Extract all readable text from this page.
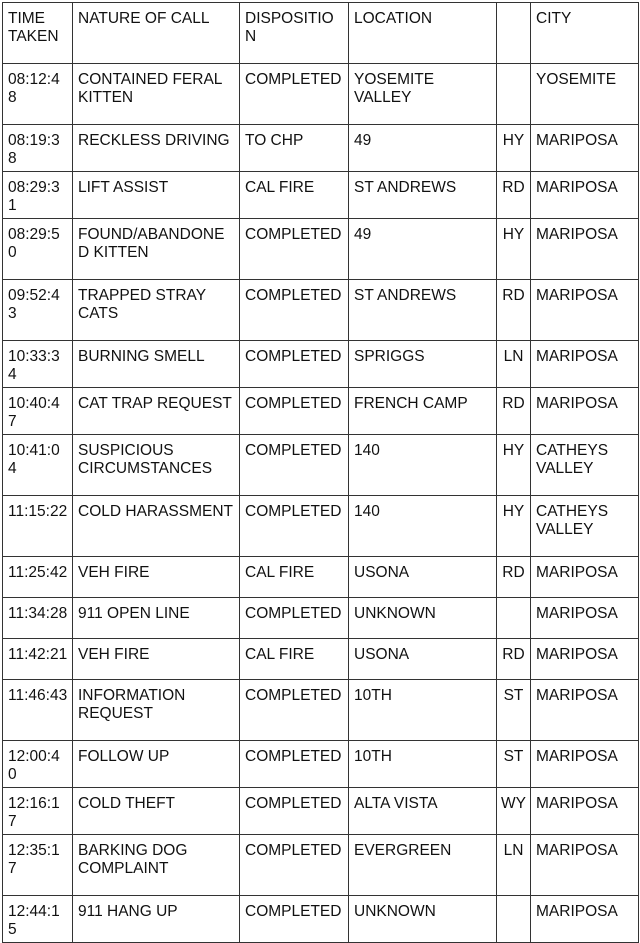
TIME TAKEN	NATURE OF CALL	DISPOSITION	LOCATION		CITY
08:12:48	CONTAINED FERAL KITTEN	COMPLETED	YOSEMITE VALLEY		YOSEMITE
08:19:38	RECKLESS DRIVING	TO CHP	49	HY	MARIPOSA
08:29:31	LIFT ASSIST	CAL FIRE	ST ANDREWS	RD	MARIPOSA
08:29:50	FOUND/ABANDONED KITTEN	COMPLETED	49	HY	MARIPOSA
09:52:43	TRAPPED STRAY CATS	COMPLETED	ST ANDREWS	RD	MARIPOSA
10:33:34	BURNING SMELL	COMPLETED	SPRIGGS	LN	MARIPOSA
10:40:47	CAT TRAP REQUEST	COMPLETED	FRENCH CAMP	RD	MARIPOSA
10:41:04	SUSPICIOUS CIRCUMSTANCES	COMPLETED	140	HY	CATHEYS VALLEY
11:15:22	COLD HARASSMENT	COMPLETED	140	HY	CATHEYS VALLEY
11:25:42	VEH FIRE	CAL FIRE	USONA	RD	MARIPOSA
11:34:28	911 OPEN LINE	COMPLETED	UNKNOWN		MARIPOSA
11:42:21	VEH FIRE	CAL FIRE	USONA	RD	MARIPOSA
11:46:43	INFORMATION REQUEST	COMPLETED	10TH	ST	MARIPOSA
12:00:40	FOLLOW UP	COMPLETED	10TH	ST	MARIPOSA
12:16:17	COLD THEFT	COMPLETED	ALTA VISTA	WY	MARIPOSA
12:35:17	BARKING DOG COMPLAINT	COMPLETED	EVERGREEN	LN	MARIPOSA
12:44:15	911 HANG UP	COMPLETED	UNKNOWN		MARIPOSA
